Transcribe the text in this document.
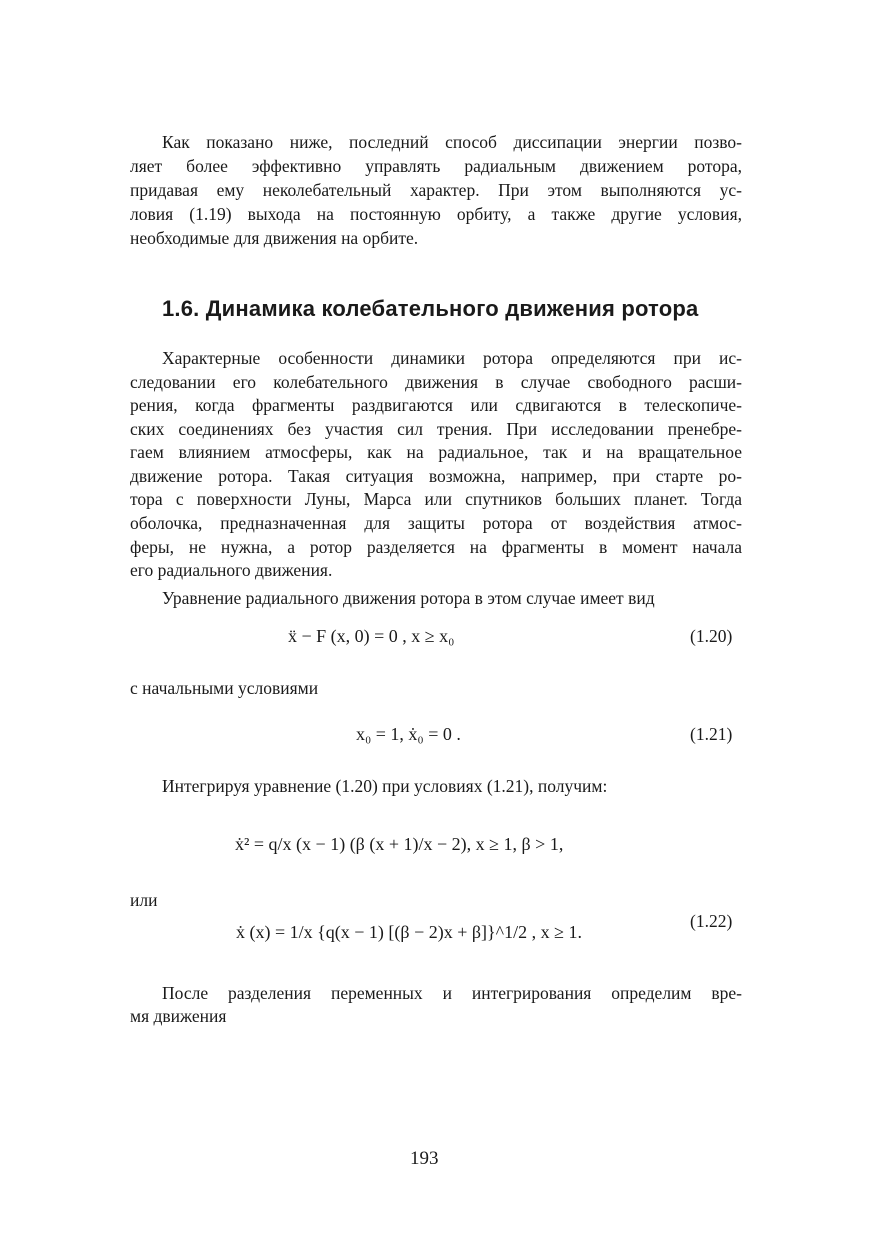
Как показано ниже, последний способ диссипации энергии позво-
ляет более эффективно управлять радиальным движением ротора,
придавая ему неколебательный характер. При этом выполняются ус-
ловия (1.19) выхода на постоянную орбиту, а также другие условия,
необходимые для движения на орбите.
1.6. Динамика колебательного движения ротора
Характерные особенности динамики ротора определяются при ис-
следовании его колебательного движения в случае свободного расши-
рения, когда фрагменты раздвигаются или сдвигаются в телескопиче-
ских соединениях без участия сил трения. При исследовании пренебре-
гаем влиянием атмосферы, как на радиальное, так и на вращательное
движение ротора. Такая ситуация возможна, например, при старте ро-
тора с поверхности Луны, Марса или спутников больших планет. Тогда
оболочка, предназначенная для защиты ротора от воздействия атмос-
феры, не нужна, а ротор разделяется на фрагменты в момент начала
его радиального движения.
Уравнение радиального движения ротора в этом случае имеет вид
ẍ − F (x, 0) = 0 , x ≥ x₀	(1.20)
с начальными условиями
x₀ = 1, ẋ₀ = 0 .	(1.21)
Интегрируя уравнение (1.20) при условиях (1.21), получим:
ẋ² = q/x (x − 1) (β (x + 1)/x − 2), x ≥ 1, β > 1,
или
ẋ (x) = 1/x {q(x − 1) [(β − 2)x + β]}^1/2 , x ≥ 1.
(1.22)
После разделения переменных и интегрирования определим вре-
мя движения
193
